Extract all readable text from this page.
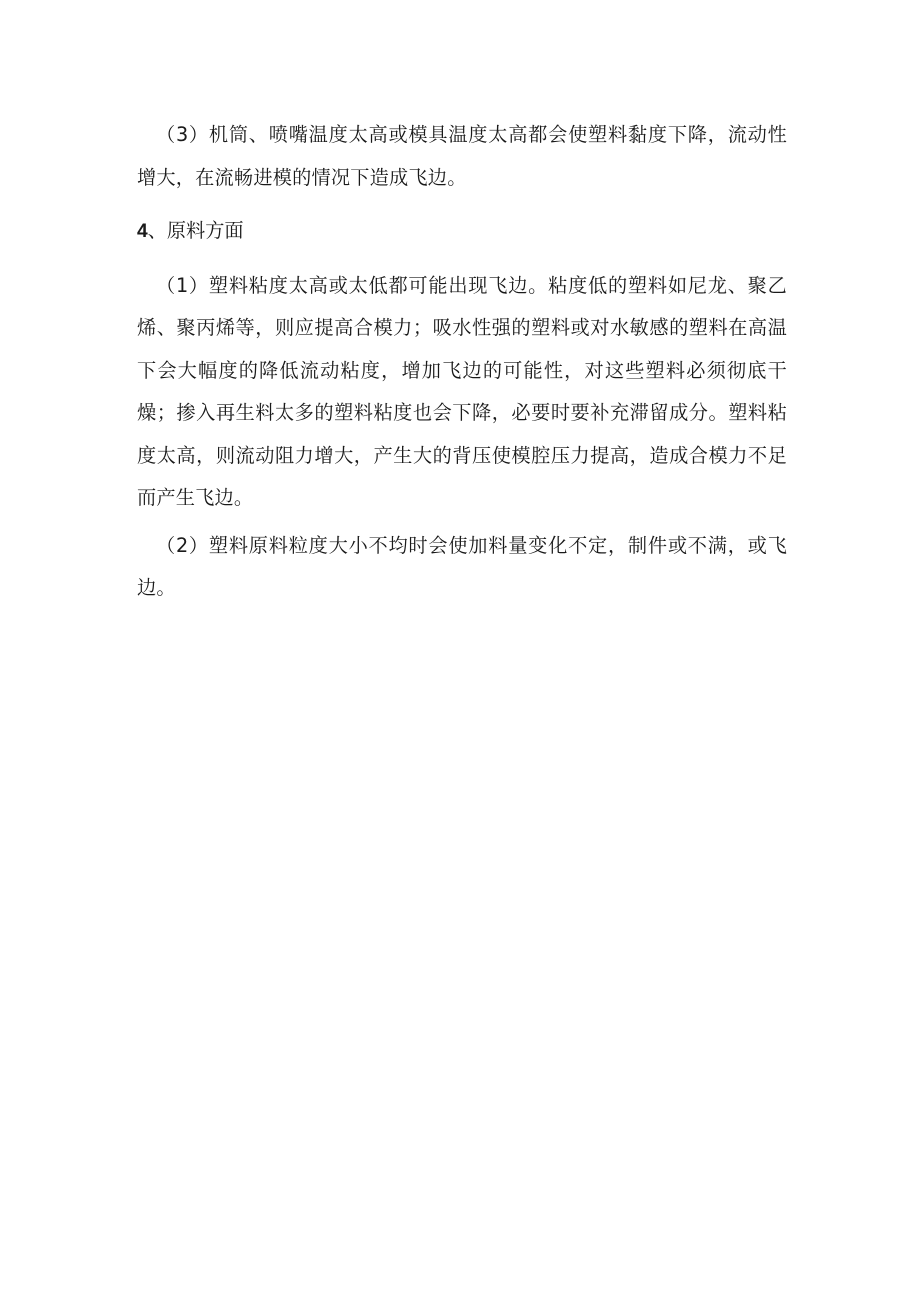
（3）机筒、喷嘴温度太高或模具温度太高都会使塑料黏度下降，流动性增大，在流畅进模的情况下造成飞边。

4、原料方面

（1）塑料粘度太高或太低都可能出现飞边。粘度低的塑料如尼龙、聚乙烯、聚丙烯等，则应提高合模力；吸水性强的塑料或对水敏感的塑料在高温下会大幅度的降低流动粘度，增加飞边的可能性，对这些塑料必须彻底干燥；掺入再生料太多的塑料粘度也会下降，必要时要补充滞留成分。塑料粘度太高，则流动阻力增大，产生大的背压使模腔压力提高，造成合模力不足而产生飞边。

（2）塑料原料粒度大小不均时会使加料量变化不定，制件或不满，或飞边。
